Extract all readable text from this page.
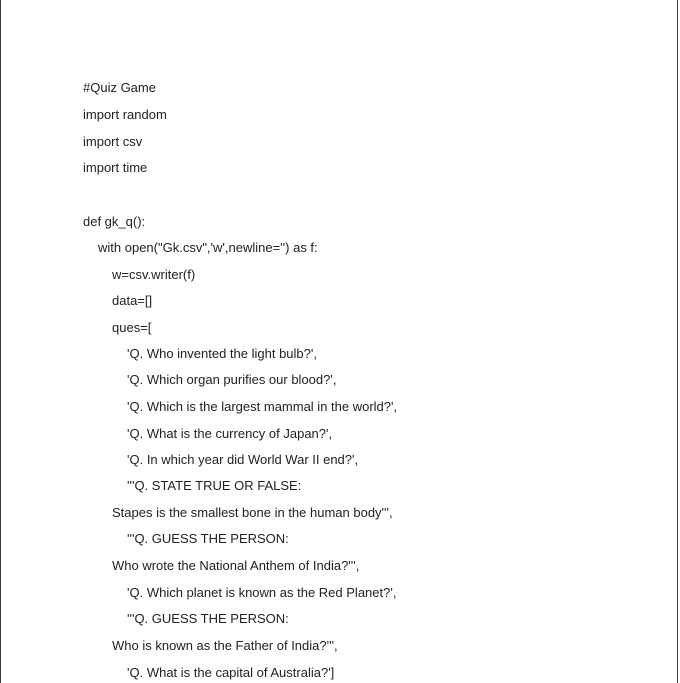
#Quiz Game
import random
import csv
import time
def gk_q():
with open("Gk.csv",'w',newline='') as f:
w=csv.writer(f)
data=[]
ques=[
'Q. Who invented the light bulb?',
'Q. Which organ purifies our blood?',
'Q. Which is the largest mammal in the world?',
'Q. What is the currency of Japan?',
'Q. In which year did World War II end?',
'''Q. STATE TRUE OR FALSE:
Stapes is the smallest bone in the human body''',
'''Q. GUESS THE PERSON:
Who wrote the National Anthem of India?''',
'Q. Which planet is known as the Red Planet?',
'''Q. GUESS THE PERSON:
Who is known as the Father of India?''',
'Q. What is the capital of Australia?']
